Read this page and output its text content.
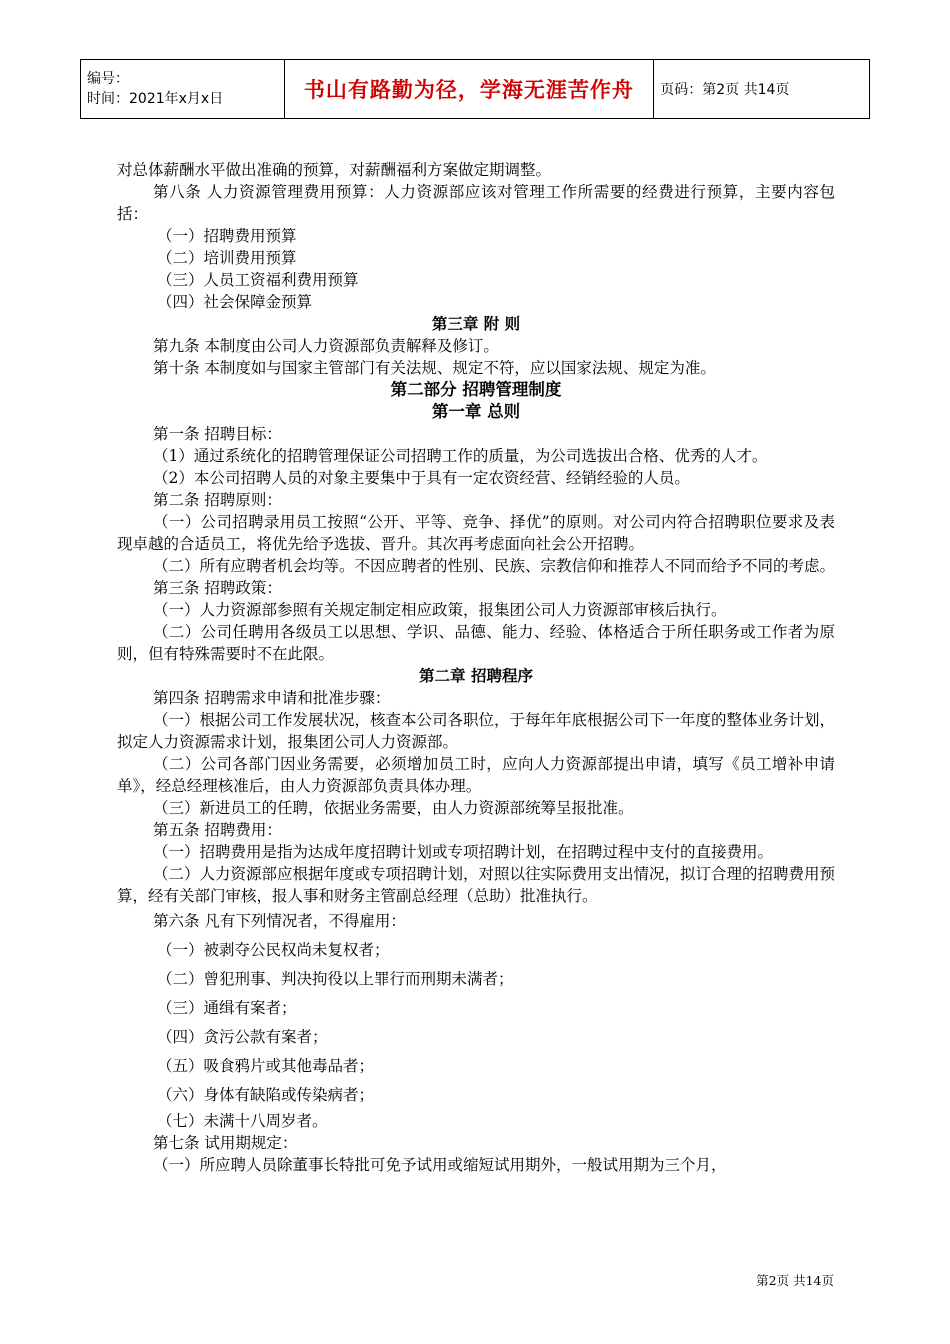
编号：
时间：2021年x月x日	书山有路勤为径，学海无涯苦作舟	页码：第2页 共14页

对总体薪酬水平做出准确的预算，对薪酬福利方案做定期调整。

第八条 人力资源管理费用预算：人力资源部应该对管理工作所需要的经费进行预算，主要内容包括：

（一）招聘费用预算

（二）培训费用预算

（三）人员工资福利费用预算

（四）社会保障金预算

第三章 附 则

第九条 本制度由公司人力资源部负责解释及修订。

第十条 本制度如与国家主管部门有关法规、规定不符，应以国家法规、规定为准。

第二部分 招聘管理制度

第一章 总则

第一条 招聘目标：

（1）通过系统化的招聘管理保证公司招聘工作的质量，为公司选拔出合格、优秀的人才。

（2）本公司招聘人员的对象主要集中于具有一定农资经营、经销经验的人员。

第二条 招聘原则：

（一）公司招聘录用员工按照“公开、平等、竞争、择优”的原则。对公司内符合招聘职位要求及表现卓越的合适员工，将优先给予选拔、晋升。其次再考虑面向社会公开招聘。

（二）所有应聘者机会均等。不因应聘者的性别、民族、宗教信仰和推荐人不同而给予不同的考虑。

第三条 招聘政策：

（一）人力资源部参照有关规定制定相应政策，报集团公司人力资源部审核后执行。

（二）公司任聘用各级员工以思想、学识、品德、能力、经验、体格适合于所任职务或工作者为原则，但有特殊需要时不在此限。

第二章 招聘程序

第四条 招聘需求申请和批准步骤：

（一）根据公司工作发展状况，核查本公司各职位，于每年年底根据公司下一年度的整体业务计划，拟定人力资源需求计划，报集团公司人力资源部。

（二）公司各部门因业务需要，必须增加员工时，应向人力资源部提出申请，填写《员工增补申请单》，经总经理核准后，由人力资源部负责具体办理。

（三）新进员工的任聘，依据业务需要，由人力资源部统筹呈报批准。

第五条 招聘费用：

（一）招聘费用是指为达成年度招聘计划或专项招聘计划，在招聘过程中支付的直接费用。

（二）人力资源部应根据年度或专项招聘计划，对照以往实际费用支出情况，拟订合理的招聘费用预算，经有关部门审核，报人事和财务主管副总经理（总助）批准执行。

第六条 凡有下列情况者，不得雇用：

（一）被剥夺公民权尚未复权者；

（二）曾犯刑事、判决拘役以上罪行而刑期未满者；

（三）通缉有案者；

（四）贪污公款有案者；

（五）吸食鸦片或其他毒品者；

（六）身体有缺陷或传染病者；

（七）未满十八周岁者。

第七条 试用期规定：

（一）所应聘人员除董事长特批可免予试用或缩短试用期外，一般试用期为三个月，

第2页 共14页
